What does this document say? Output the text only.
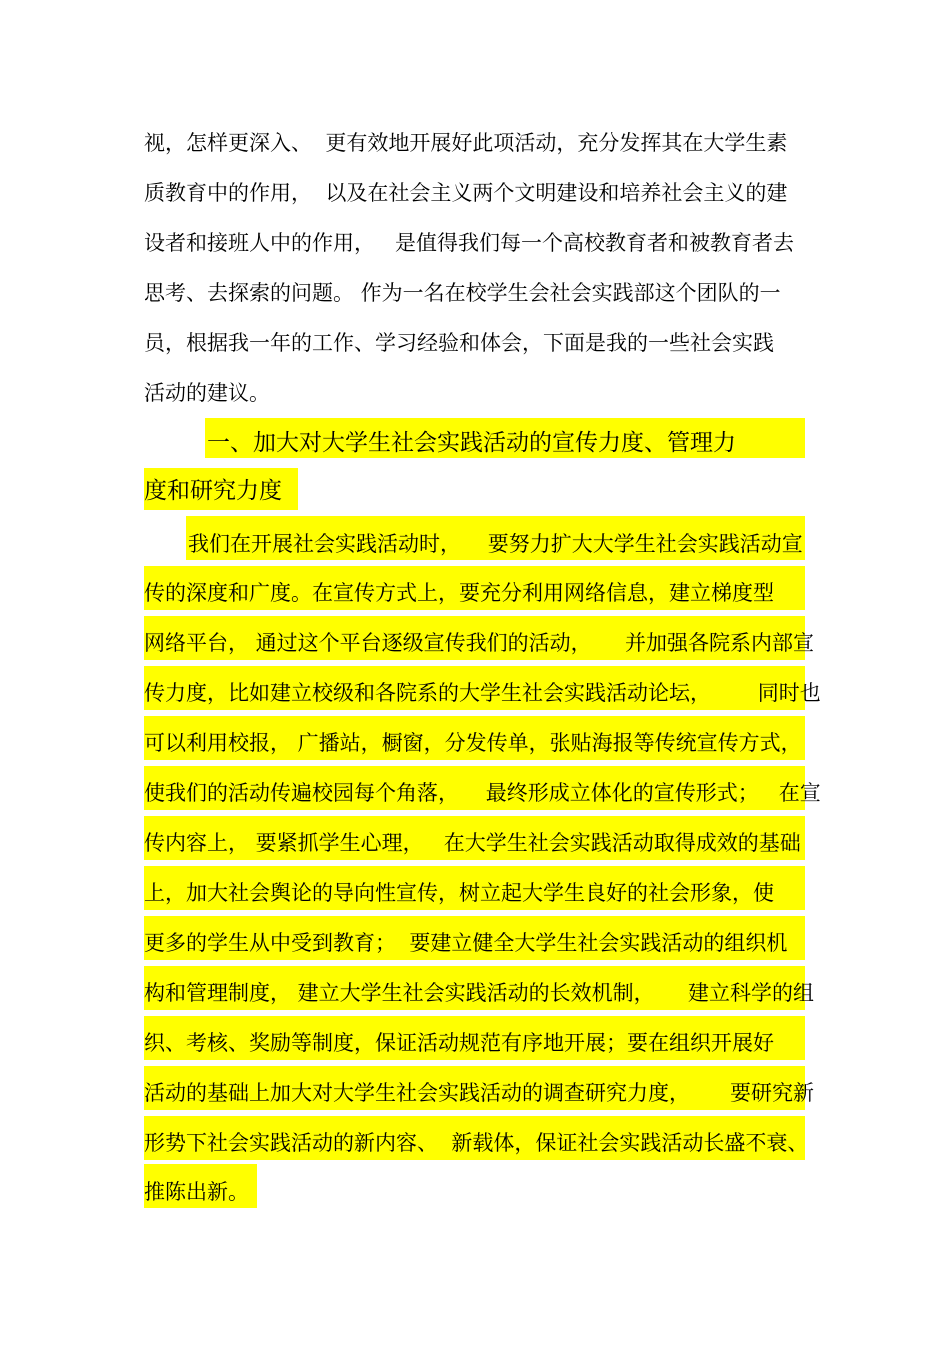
视，怎样更深入、  更有效地开展好此项活动，充分发挥其在大学生素
质教育中的作用，  以及在社会主义两个文明建设和培养社会主义的建
设者和接班人中的作用，   是值得我们每一个高校教育者和被教育者去
思考、去探索的问题。 作为一名在校学生会社会实践部这个团队的一
员，根据我一年的工作、学习经验和体会，下面是我的一些社会实践
活动的建议。
一、加大对大学生社会实践活动的宣传力度、管理力
度和研究力度
我们在开展社会实践活动时，    要努力扩大大学生社会实践活动宣
传的深度和广度。在宣传方式上，要充分利用网络信息，建立梯度型
网络平台， 通过这个平台逐级宣传我们的活动，     并加强各院系内部宣
传力度，比如建立校级和各院系的大学生社会实践活动论坛，       同时也
可以利用校报， 广播站，橱窗，分发传单，张贴海报等传统宣传方式，
使我们的活动传遍校园每个角落，    最终形成立体化的宣传形式；   在宣
传内容上， 要紧抓学生心理，   在大学生社会实践活动取得成效的基础
上，加大社会舆论的导向性宣传，树立起大学生良好的社会形象，使
更多的学生从中受到教育；  要建立健全大学生社会实践活动的组织机
构和管理制度， 建立大学生社会实践活动的长效机制，     建立科学的组
织、考核、奖励等制度，保证活动规范有序地开展；要在组织开展好
活动的基础上加大对大学生社会实践活动的调查研究力度，      要研究新
形势下社会实践活动的新内容、  新载体，保证社会实践活动长盛不衰、
推陈出新。
